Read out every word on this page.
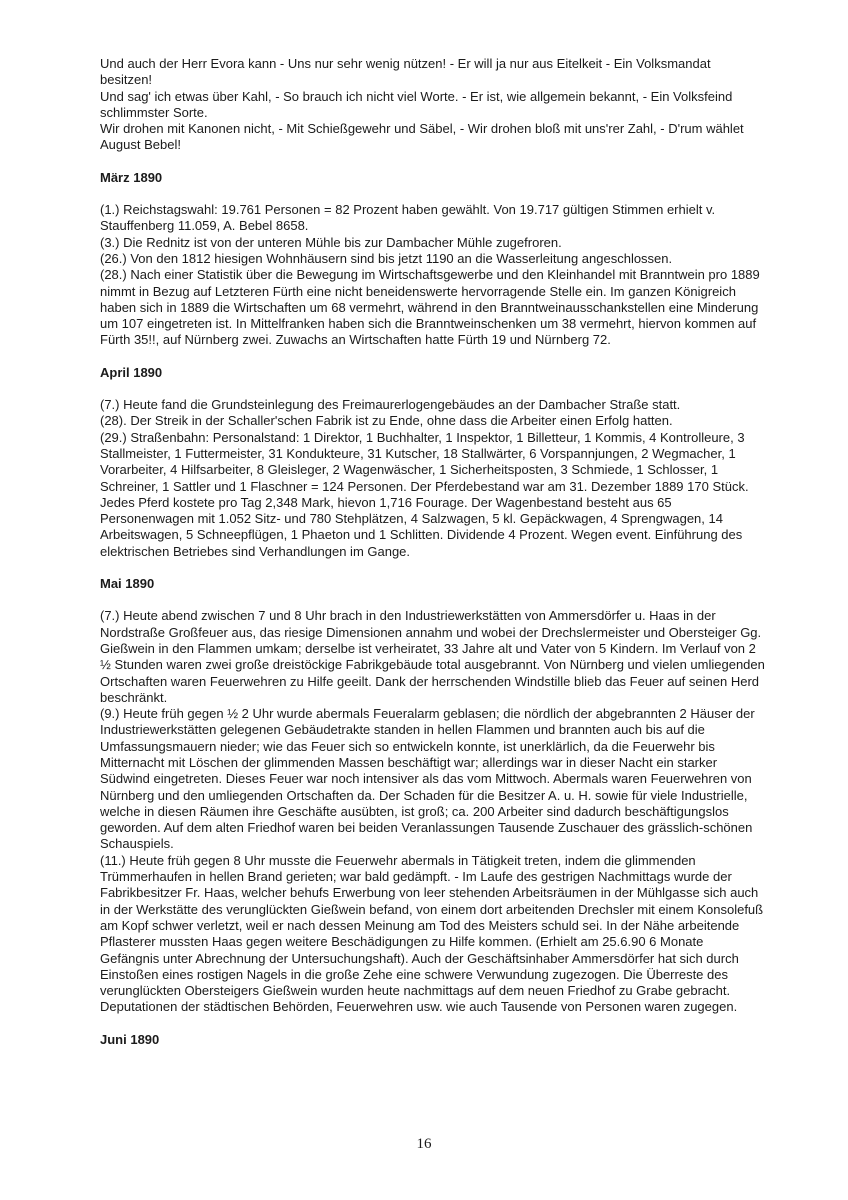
Und auch der Herr Evora kann - Uns nur sehr wenig nützen! - Er will ja nur aus Eitelkeit - Ein Volksmandat besitzen!

Und sag' ich etwas über Kahl, - So brauch ich nicht viel Worte. - Er ist, wie allgemein bekannt, - Ein Volksfeind schlimmster Sorte.

Wir drohen mit Kanonen nicht, - Mit Schießgewehr und Säbel, - Wir drohen bloß mit uns'rer Zahl, - D'rum wählet August Bebel!

März 1890

(1.) Reichstagswahl: 19.761 Personen = 82 Prozent haben gewählt. Von 19.717 gültigen Stimmen erhielt v. Stauffenberg 11.059, A. Bebel 8658.

(3.) Die Rednitz ist von der unteren Mühle bis zur Dambacher Mühle zugefroren.

(26.) Von den 1812 hiesigen Wohnhäusern sind bis jetzt 1190 an die Wasserleitung angeschlossen.

(28.) Nach einer Statistik über die Bewegung im Wirtschaftsgewerbe und den Kleinhandel mit Branntwein pro 1889 nimmt in Bezug auf Letzteren Fürth eine nicht beneidenswerte hervorragende Stelle ein. Im ganzen Königreich haben sich in 1889 die Wirtschaften um 68 vermehrt, während in den Branntweinausschankstellen eine Minderung um 107 eingetreten ist. In Mittelfranken haben sich die Branntweinschenken um 38 vermehrt, hiervon kommen auf Fürth 35!!, auf Nürnberg zwei. Zuwachs an Wirtschaften hatte Fürth 19 und Nürnberg 72.

April 1890

(7.) Heute fand die Grundsteinlegung des Freimaurerlogengebäudes an der Dambacher Straße statt.

(28). Der Streik in der Schaller'schen Fabrik ist zu Ende, ohne dass die Arbeiter einen Erfolg hatten.

(29.) Straßenbahn: Personalstand: 1 Direktor, 1 Buchhalter, 1 Inspektor, 1 Billetteur, 1 Kommis, 4 Kontrolleure, 3 Stallmeister, 1 Futtermeister, 31 Kondukteure, 31 Kutscher, 18 Stallwärter, 6 Vorspannjungen, 2 Wegmacher, 1 Vorarbeiter, 4 Hilfsarbeiter, 8 Gleisleger, 2 Wagenwäscher, 1 Sicherheitsposten, 3 Schmiede, 1 Schlosser, 1 Schreiner, 1 Sattler und 1 Flaschner = 124 Personen. Der Pferdebestand war am 31. Dezember 1889 170 Stück. Jedes Pferd kostete pro Tag 2,348 Mark, hievon 1,716 Fourage. Der Wagenbestand besteht aus 65 Personenwagen mit 1.052 Sitz- und 780 Stehplätzen, 4 Salzwagen, 5 kl. Gepäckwagen, 4 Sprengwagen, 14 Arbeitswagen, 5 Schneepflügen, 1 Phaeton und 1 Schlitten. Dividende 4 Prozent. Wegen event. Einführung des elektrischen Betriebes sind Verhandlungen im Gange.

Mai 1890

(7.) Heute abend zwischen 7 und 8 Uhr brach in den Industriewerkstätten von Ammersdörfer u. Haas in der Nordstraße Großfeuer aus, das riesige Dimensionen annahm und wobei der Drechslermeister und Obersteiger Gg. Gießwein in den Flammen umkam; derselbe ist verheiratet, 33 Jahre alt und Vater von 5 Kindern. Im Verlauf von 2 ½ Stunden waren zwei große dreistöckige Fabrikgebäude total ausgebrannt. Von Nürnberg und vielen umliegenden Ortschaften waren Feuerwehren zu Hilfe geeilt. Dank der herrschenden Windstille blieb das Feuer auf seinen Herd beschränkt.

(9.) Heute früh gegen ½ 2 Uhr wurde abermals Feueralarm geblasen; die nördlich der abgebrannten 2 Häuser der Industriewerkstätten gelegenen Gebäudetrakte standen in hellen Flammen und brannten auch bis auf die Umfassungsmauern nieder; wie das Feuer sich so entwickeln konnte, ist unerklärlich, da die Feuerwehr bis Mitternacht mit Löschen der glimmenden Massen beschäftigt war; allerdings war in dieser Nacht ein starker Südwind eingetreten. Dieses Feuer war noch intensiver als das vom Mittwoch. Abermals waren Feuerwehren von Nürnberg und den umliegenden Ortschaften da. Der Schaden für die Besitzer A. u. H. sowie für viele Industrielle, welche in diesen Räumen ihre Geschäfte ausübten, ist groß; ca. 200 Arbeiter sind dadurch beschäftigungslos geworden. Auf dem alten Friedhof waren bei beiden Veranlassungen Tausende Zuschauer des grässlich-schönen Schauspiels.

(11.) Heute früh gegen 8 Uhr musste die Feuerwehr abermals in Tätigkeit treten, indem die glimmenden Trümmerhaufen in hellen Brand gerieten; war bald gedämpft. - Im Laufe des gestrigen Nachmittags wurde der Fabrikbesitzer Fr. Haas, welcher behufs Erwerbung von leer stehenden Arbeitsräumen in der Mühlgasse sich auch in der Werkstätte des verunglückten Gießwein befand, von einem dort arbeitenden Drechsler mit einem Konsolefuß am Kopf schwer verletzt, weil er nach dessen Meinung am Tod des Meisters schuld sei. In der Nähe arbeitende Pflasterer mussten Haas gegen weitere Beschädigungen zu Hilfe kommen. (Erhielt am 25.6.90 6 Monate Gefängnis unter Abrechnung der Untersuchungshaft). Auch der Geschäftsinhaber Ammersdörfer hat sich durch Einstoßen eines rostigen Nagels in die große Zehe eine schwere Verwundung zugezogen. Die Überreste des verunglückten Obersteigers Gießwein wurden heute nachmittags auf dem neuen Friedhof zu Grabe gebracht. Deputationen der städtischen Behörden, Feuerwehren usw. wie auch Tausende von Personen waren zugegen.

Juni 1890
16
